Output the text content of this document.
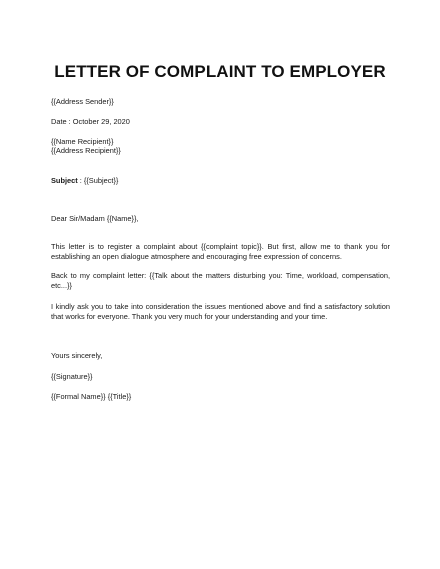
LETTER OF COMPLAINT TO EMPLOYER
{{Address Sender}}
Date : October 29, 2020
{{Name Recipient}}
{{Address Recipient}}
Subject : {{Subject}}
Dear Sir/Madam {{Name}},
This letter is to register a complaint about {{complaint topic}}. But first, allow me to thank you for
establishing an open dialogue atmosphere and encouraging free expression of concerns.
Back to my complaint letter: {{Talk about the matters disturbing you: Time, workload, compensation,
etc...}}
I kindly ask you to take into consideration the issues mentioned above and find a satisfactory solution
that works for everyone. Thank you very much for your understanding and your time.
Yours sincerely,
{{Signature}}
{{Formal Name}} {{Title}}
